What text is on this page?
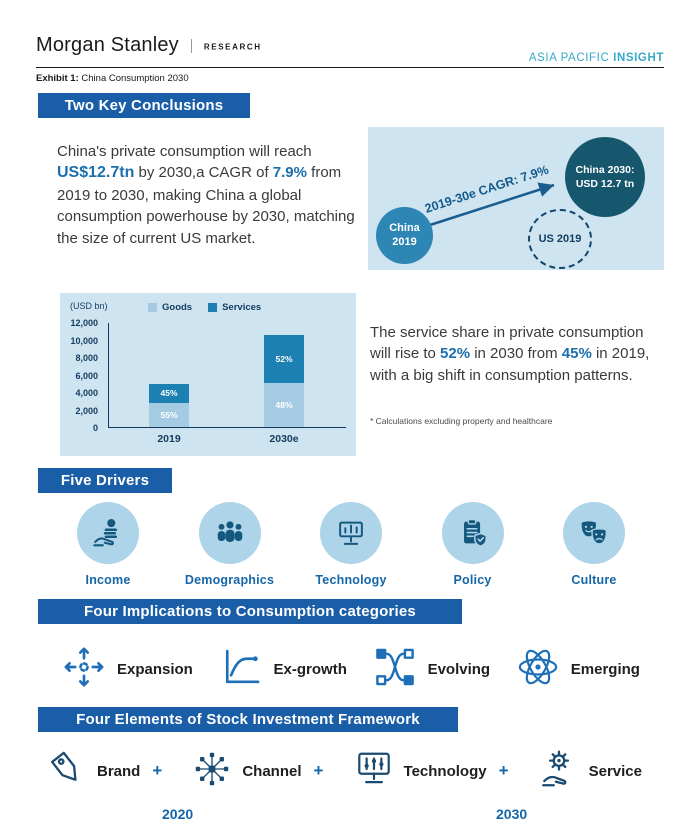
Morgan Stanley	RESEARCH
ASIA PACIFIC INSIGHT
Exhibit 1: China Consumption 2030
Two Key Conclusions
Five Drivers
Four Implications to Consumption categories
Four Elements of Stock Investment Framework

China's private consumption will reach US$12.7tn by 2030,a CAGR of 7.9% from 2019 to 2030, making China a global consumption powerhouse by 2030, matching the size of current US market.

2019-30e CAGR: 7.9%
China
2019
China 2030:
USD 12.7 tn
US 2019
(USD bn)	Goods	Services
0
2,000
4,000
6,000
8,000
10,000
12,000
45%
55%
52%
48%
2019	2030e

The service share in private consumption will rise to 52% in 2030 from 45% in 2019, with a big shift in consumption patterns.

* Calculations excluding property and healthcare
Income	Demographics	Technology	Policy	Culture
Expansion	Ex-growth	Evolving	Emerging
Brand +	Channel +	Technology +	Service
2020	2030
